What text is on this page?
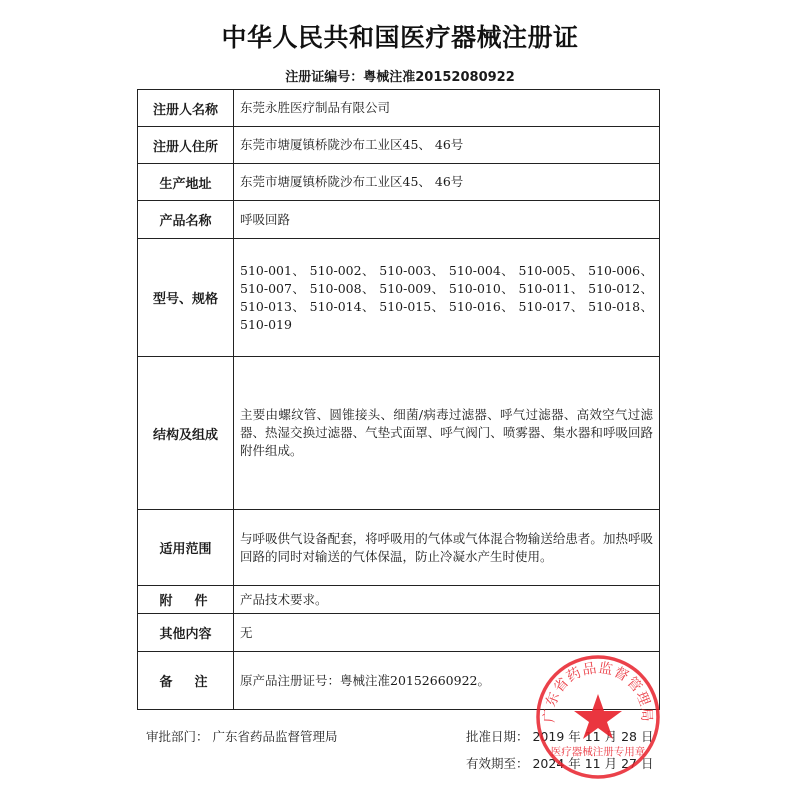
中华人民共和国医疗器械注册证
注册证编号：粤械注准20152080922
注册人名称	东莞永胜医疗制品有限公司
注册人住所	东莞市塘厦镇桥陇沙布工业区45、 46号
生产地址	东莞市塘厦镇桥陇沙布工业区45、 46号
产品名称	呼吸回路
型号、规格	510-001、 510-002、 510-003、 510-004、 510-005、 510-006、 510-007、 510-008、 510-009、 510-010、 510-011、 510-012、 510-013、 510-014、 510-015、 510-016、 510-017、 510-018、 510-019
结构及组成	主要由螺纹管、圆锥接头、细菌/病毒过滤器、呼气过滤器、高效空气过滤器、热湿交换过滤器、气垫式面罩、呼气阀门、喷雾器、集水器和呼吸回路附件组成。
适用范围	与呼吸供气设备配套，将呼吸用的气体或气体混合物输送给患者。加热呼吸回路的同时对输送的气体保温，防止冷凝水产生时使用。
附件	产品技术要求。
其他内容	无
备注	原产品注册证号：粤械注准20152660922。
审批部门： 广东省药品监督管理局	批准日期： 2019 年 11 月 28 日
有效期至： 2024 年 11 月 27 日
广东省药品监督管理局
医疗器械注册专用章
